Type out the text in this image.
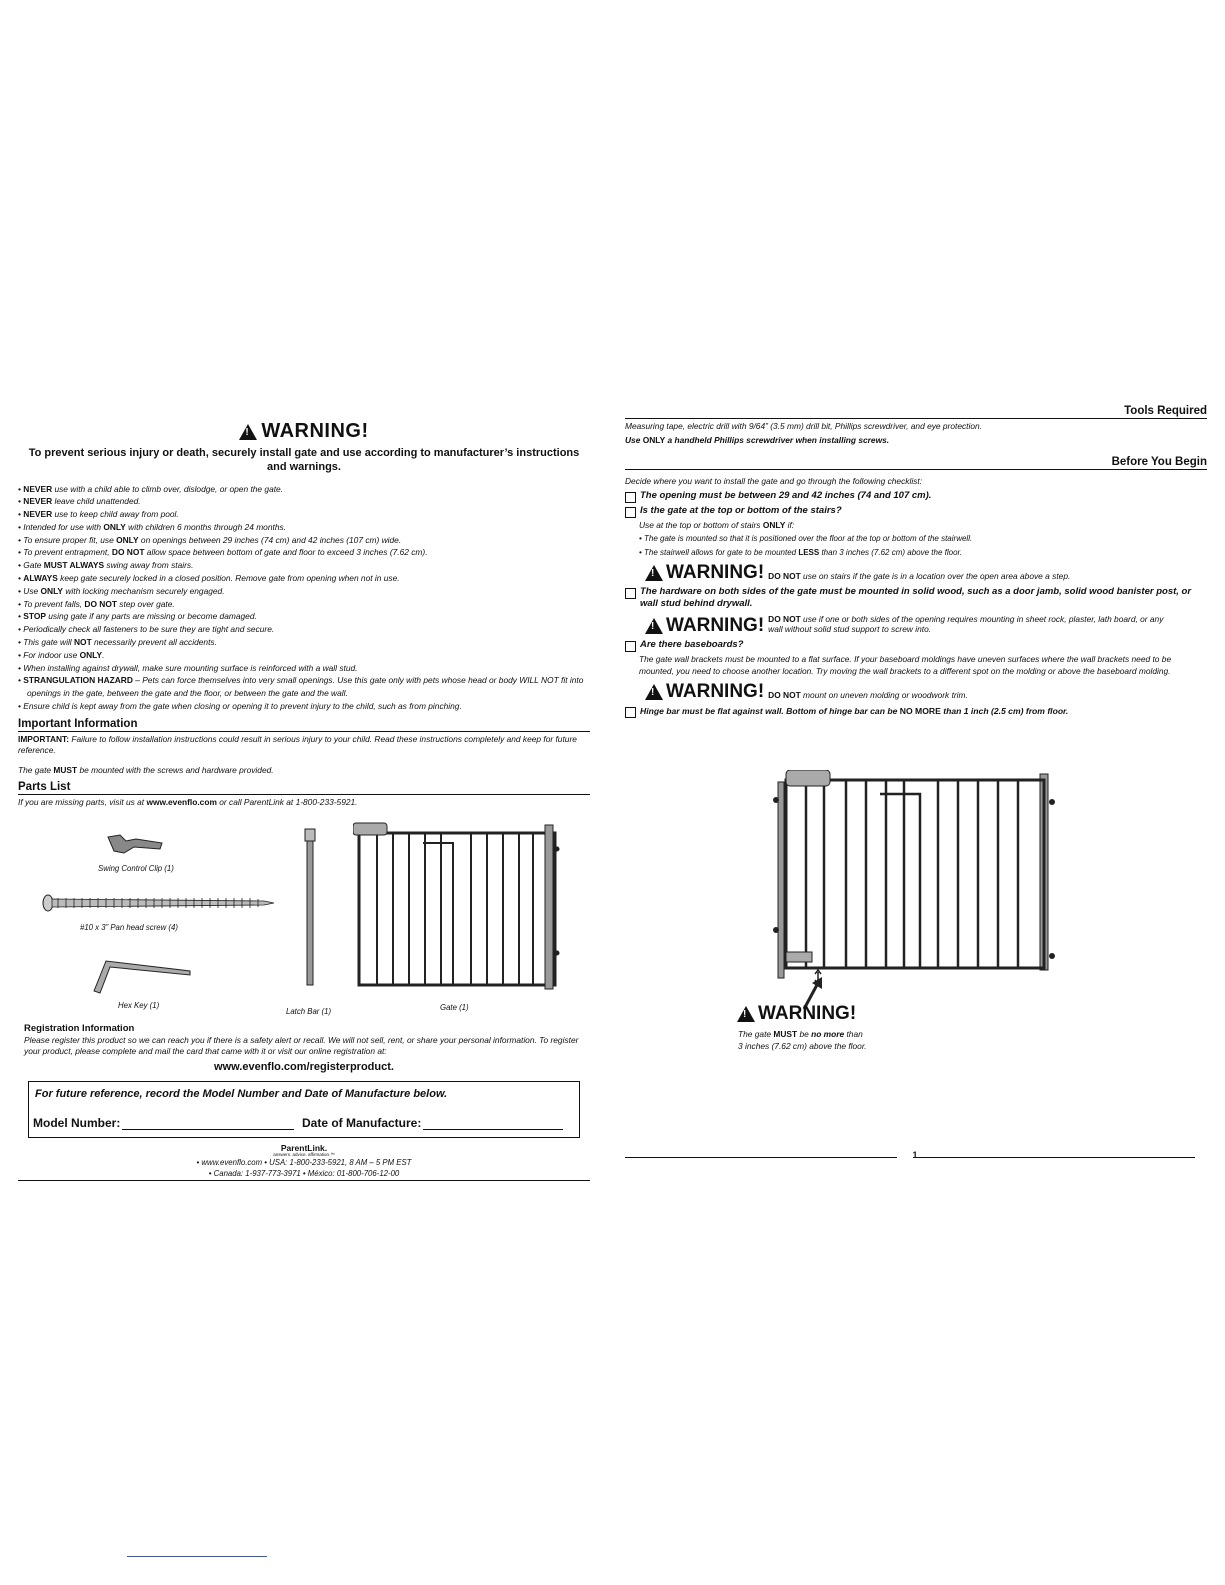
!
WARNING!
To prevent serious injury or death, securely install gate and use according to manufacturer’s instructions and warnings.
• NEVER use with a child able to climb over, dislodge, or open the gate.
• NEVER leave child unattended.
• NEVER use to keep child away from pool.
• Intended for use with ONLY with children 6 months through 24 months.
• To ensure proper fit, use ONLY on openings between 29 inches (74 cm) and 42 inches (107 cm) wide.
• To prevent entrapment, DO NOT allow space between bottom of gate and floor to exceed 3 inches (7.62 cm).
• Gate MUST ALWAYS swing away from stairs.
• ALWAYS keep gate securely locked in a closed position. Remove gate from opening when not in use.
• Use ONLY with locking mechanism securely engaged.
• To prevent falls, DO NOT step over gate.
• STOP using gate if any parts are missing or become damaged.
• Periodically check all fasteners to be sure they are tight and secure.
• This gate will NOT necessarily prevent all accidents.
• For indoor use ONLY.
• When installing against drywall, make sure mounting surface is reinforced with a wall stud.
• STRANGULATION HAZARD – Pets can force themselves into very small openings. Use this gate only with pets whose head or body WILL NOT fit into openings in the gate, between the gate and the floor, or between the gate and the wall.
• Ensure child is kept away from the gate when closing or opening it to prevent injury to the child, such as from pinching.
Important Information
IMPORTANT: Failure to follow installation instructions could result in serious injury to your child. Read these instructions completely and keep for future reference.
The gate MUST be mounted with the screws and hardware provided.
Parts List
If you are missing parts, visit us at www.evenflo.com or call ParentLink at 1-800-233-5921.
Swing Control Clip (1)
#10 x 3” Pan head screw (4)
Hex Key (1)
Latch Bar (1)	Gate (1)
Registration Information
Please register this product so we can reach you if there is a safety alert or recall. We will not sell, rent, or share your personal information. To register your product, please complete and mail the card that came with it or visit our online registration at:
www.evenflo.com/registerproduct.
For future reference, record the Model Number and Date of Manufacture below.
Model Number:	Date of Manufacture:
ParentLink.
answers. advice. affirmation.™
• www.evenflo.com • USA: 1-800-233-5921, 8 AM – 5 PM EST
• Canada: 1-937-773-3971 • México: 01-800-706-12-00
Tools Required
Measuring tape, electric drill with 9/64” (3.5 mm) drill bit, Phillips screwdriver, and eye protection.
Use ONLY a handheld Phillips screwdriver when installing screws.
Before You Begin
Decide where you want to install the gate and go through the following checklist:
The opening must be between 29 and 42 inches (74 and 107 cm).
Is the gate at the top or bottom of the stairs?
Use at the top or bottom of stairs ONLY if:
• The gate is mounted so that it is positioned over the floor at the top or bottom of the stairwell.
• The stairwell allows for gate to be mounted LESS than 3 inches (7.62 cm) above the floor.
!
WARNING! DO NOT use on stairs if the gate is in a location over the open area above a step.
The hardware on both sides of the gate must be mounted in solid wood, such as a door jamb, solid wood banister post, or wall stud behind drywall.
!
WARNING! DO NOT use if one or both sides of the opening requires mounting in sheet rock, plaster, lath board, or any wall without solid stud support to screw into.
Are there baseboards?
The gate wall brackets must be mounted to a flat surface. If your baseboard moldings have uneven surfaces where the wall brackets need to be mounted, you need to choose another location. Try moving the wall brackets to a different spot on the molding or above the baseboard molding.
!
WARNING! DO NOT mount on uneven molding or woodwork trim.
Hinge bar must be flat against wall. Bottom of hinge bar can be NO MORE than 1 inch (2.5 cm) from floor.
!
WARNING!
The gate MUST be no more than
3 inches (7.62 cm) above the floor.
1
